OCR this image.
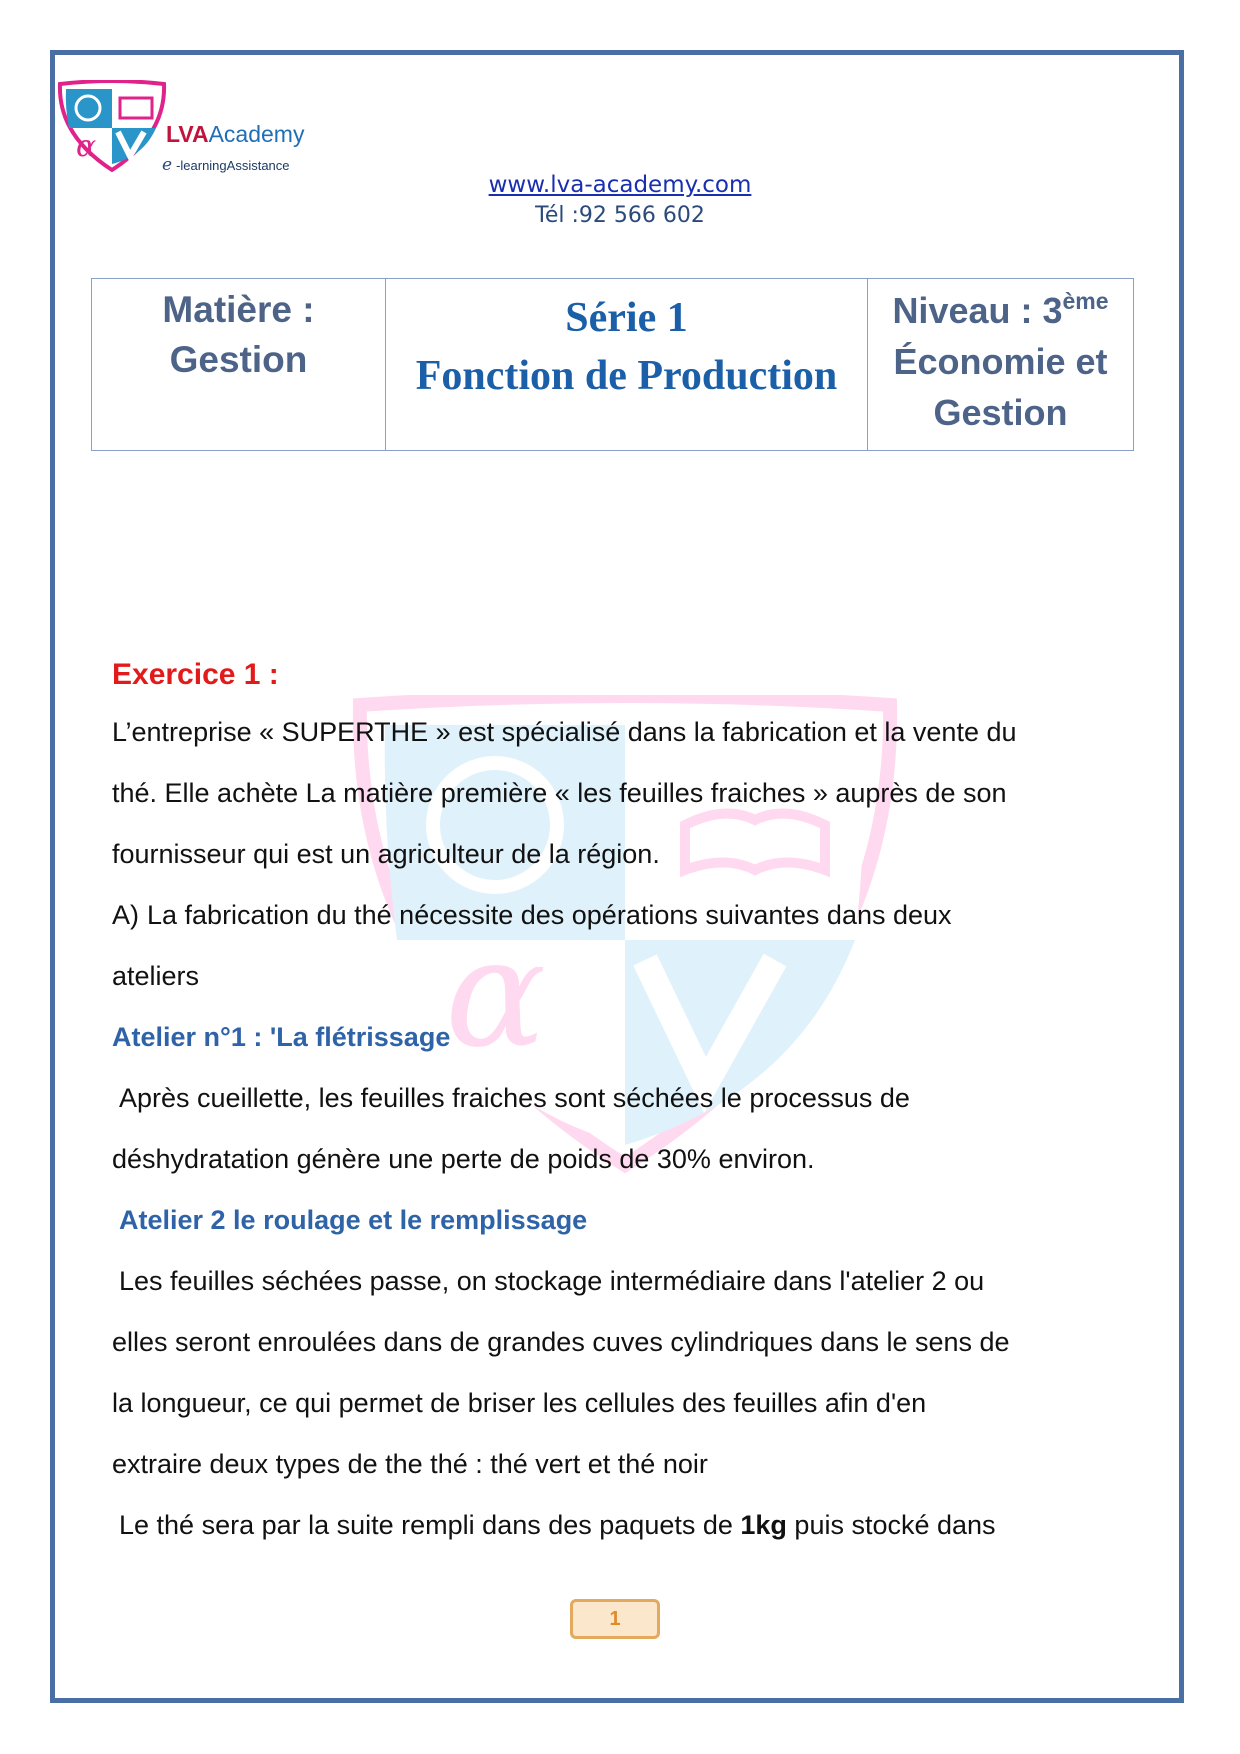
α
α	LVAAcademy
e -learningAssistance
www.lva-academy.com
Tél :92 566 602
Matière :
Gestion

Série 1
Fonction de Production

Niveau : 3ème
Économie et
Gestion
Exercice 1 :

L’entreprise « SUPERTHE » est spécialisé dans la fabrication et la vente du

thé. Elle achète La matière première « les feuilles fraiches » auprès de son

fournisseur qui est un agriculteur de la région.

A) La fabrication du thé nécessite des opérations suivantes dans deux

ateliers

Atelier n°1 : 'La flétrissage

Après cueillette, les feuilles fraiches sont séchées le processus de

déshydratation génère une perte de poids de 30% environ.

Atelier 2 le roulage et le remplissage

Les feuilles séchées passe, on stockage intermédiaire dans l'atelier 2 ou

elles seront enroulées dans de grandes cuves cylindriques dans le sens de

la longueur, ce qui permet de briser les cellules des feuilles afin d'en

extraire deux types de the thé : thé vert et thé noir

Le thé sera par la suite rempli dans des paquets de 1kg puis stocké dans

1
